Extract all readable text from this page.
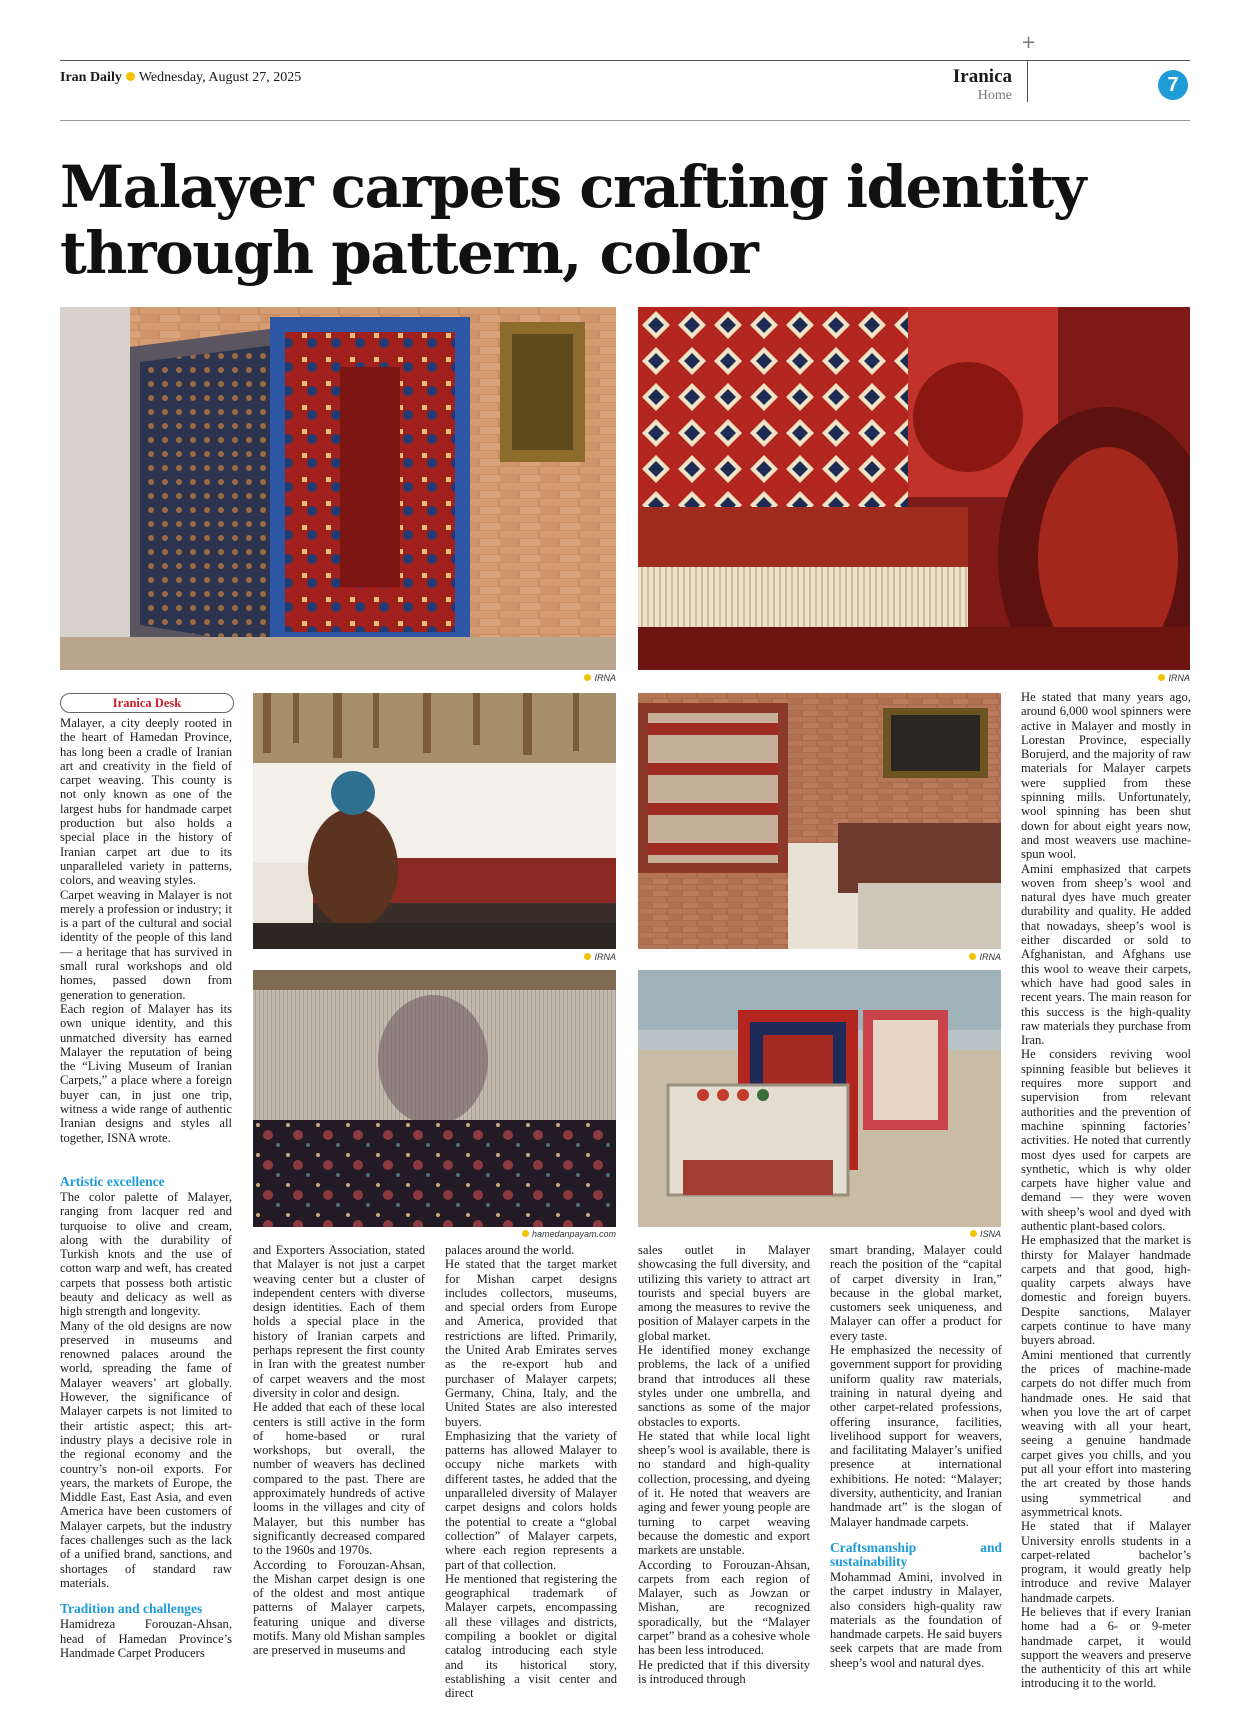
Iran Daily Wednesday, August 27, 2025
+
Iranica
Home	7
Malayer carpets crafting identity
through pattern, color
IRNA	IRNA
Iranica Desk
IRNA	IRNA
hamedanpayam.com	ISNA

Malayer, a city deeply rooted in the heart of Hamedan Province, has long been a cradle of Iranian art and creativity in the field of carpet weaving. This county is not only known as one of the largest hubs for handmade carpet production but also holds a special place in the history of Iranian carpet art due to its unparalleled variety in patterns, colors, and weaving styles.

Carpet weaving in Malayer is not merely a profession or industry; it is a part of the cultural and social identity of the people of this land — a heritage that has survived in small rural workshops and old homes, passed down from generation to generation.

Each region of Malayer has its own unique identity, and this unmatched diversity has earned Malayer the reputation of being the “Living Museum of Iranian Carpets,” a place where a foreign buyer can, in just one trip, witness a wide range of authentic Iranian designs and styles all together, ISNA wrote.

Artistic excellence

The color palette of Malayer, ranging from lacquer red and turquoise to olive and cream, along with the durability of Turkish knots and the use of cotton warp and weft, has created carpets that possess both artistic beauty and delicacy as well as high strength and longevity.

Many of the old designs are now preserved in museums and renowned palaces around the world, spreading the fame of Malayer weavers’ art globally. However, the significance of Malayer carpets is not limited to their artistic aspect; this art-industry plays a decisive role in the regional economy and the country’s non-oil exports. For years, the markets of Europe, the Middle East, East Asia, and even America have been customers of Malayer carpets, but the industry faces challenges such as the lack of a unified brand, sanctions, and shortages of standard raw materials.

Tradition and challenges

Hamidreza Forouzan-Ahsan, head of Hamedan Province’s Handmade Carpet Producers

and Exporters Association, stated that Malayer is not just a carpet weaving center but a cluster of independent centers with diverse design identities. Each of them holds a special place in the history of Iranian carpets and perhaps represent the first county in Iran with the greatest number of carpet weavers and the most diversity in color and design.

He added that each of these local centers is still active in the form of home-based or rural workshops, but overall, the number of weavers has declined compared to the past. There are approximately hundreds of active looms in the villages and city of Malayer, but this number has significantly decreased compared to the 1960s and 1970s.

According to Forouzan-Ahsan, the Mishan carpet design is one of the oldest and most antique patterns of Malayer carpets, featuring unique and diverse motifs. Many old Mishan samples are preserved in museums and

palaces around the world.

He stated that the target market for Mishan carpet designs includes collectors, museums, and special orders from Europe and America, provided that restrictions are lifted. Primarily, the United Arab Emirates serves as the re-export hub and purchaser of Malayer carpets; Germany, China, Italy, and the United States are also interested buyers.

Emphasizing that the variety of patterns has allowed Malayer to occupy niche markets with different tastes, he added that the unparalleled diversity of Malayer carpet designs and colors holds the potential to create a “global collection” of Malayer carpets, where each region represents a part of that collection.

He mentioned that registering the geographical trademark of Malayer carpets, encompassing all these villages and districts, compiling a booklet or digital catalog introducing each style and its historical story, establishing a visit center and direct

sales outlet in Malayer showcasing the full diversity, and utilizing this variety to attract art tourists and special buyers are among the measures to revive the position of Malayer carpets in the global market.

He identified money exchange problems, the lack of a unified brand that introduces all these styles under one umbrella, and sanctions as some of the major obstacles to exports.

He stated that while local light sheep’s wool is available, there is no standard and high-quality collection, processing, and dyeing of it. He noted that weavers are aging and fewer young people are turning to carpet weaving because the domestic and export markets are unstable.

According to Forouzan-Ahsan, carpets from each region of Malayer, such as Jowzan or Mishan, are recognized sporadically, but the “Malayer carpet” brand as a cohesive whole has been less introduced.

He predicted that if this diversity is introduced through

smart branding, Malayer could reach the position of the “capital of carpet diversity in Iran,” because in the global market, customers seek uniqueness, and Malayer can offer a product for every taste.

He emphasized the necessity of government support for providing uniform quality raw materials, training in natural dyeing and other carpet-related professions, offering insurance, facilities, livelihood support for weavers, and facilitating Malayer’s unified presence at international exhibitions. He noted: “Malayer; diversity, authenticity, and Iranian handmade art” is the slogan of Malayer handmade carpets.

Craftsmanship and sustainability

Mohammad Amini, involved in the carpet industry in Malayer, also considers high-quality raw materials as the foundation of handmade carpets. He said buyers seek carpets that are made from sheep’s wool and natural dyes.

He stated that many years ago, around 6,000 wool spinners were active in Malayer and mostly in Lorestan Province, especially Borujerd, and the majority of raw materials for Malayer carpets were supplied from these spinning mills. Unfortunately, wool spinning has been shut down for about eight years now, and most weavers use machine-spun wool.

Amini emphasized that carpets woven from sheep’s wool and natural dyes have much greater durability and quality. He added that nowadays, sheep’s wool is either discarded or sold to Afghanistan, and Afghans use this wool to weave their carpets, which have had good sales in recent years. The main reason for this success is the high-quality raw materials they purchase from Iran.

He considers reviving wool spinning feasible but believes it requires more support and supervision from relevant authorities and the prevention of machine spinning factories’ activities. He noted that currently most dyes used for carpets are synthetic, which is why older carpets have higher value and demand — they were woven with sheep’s wool and dyed with authentic plant-based colors.

He emphasized that the market is thirsty for Malayer handmade carpets and that good, high-quality carpets always have domestic and foreign buyers. Despite sanctions, Malayer carpets continue to have many buyers abroad.

Amini mentioned that currently the prices of machine-made carpets do not differ much from handmade ones. He said that when you love the art of carpet weaving with all your heart, seeing a genuine handmade carpet gives you chills, and you put all your effort into mastering the art created by those hands using symmetrical and asymmetrical knots.

He stated that if Malayer University enrolls students in a carpet-related bachelor’s program, it would greatly help introduce and revive Malayer handmade carpets.

He believes that if every Iranian home had a 6- or 9-meter handmade carpet, it would support the weavers and preserve the authenticity of this art while introducing it to the world.
